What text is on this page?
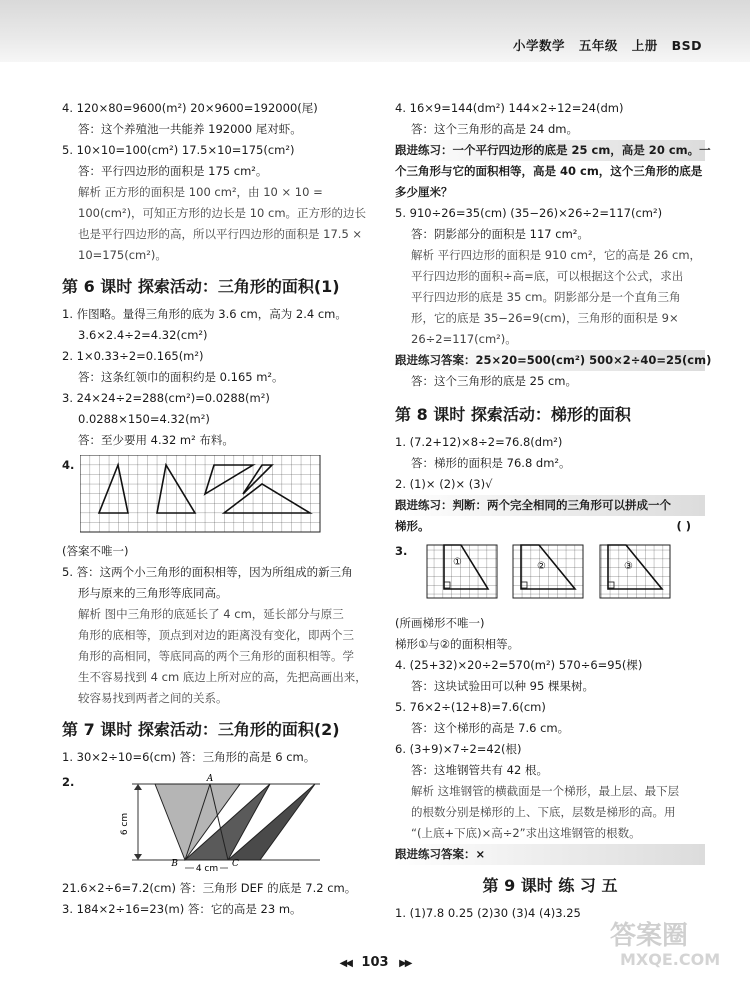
小学数学 五年级 上册 BSD
4. 120×80=9600(m²) 20×9600=192000(尾)
答：这个养殖池一共能养 192000 尾对虾。
5. 10×10=100(cm²) 17.5×10=175(cm²)
答：平行四边形的面积是 175 cm²。
解析 正方形的面积是 100 cm²，由 10 × 10 =
100(cm²)，可知正方形的边长是 10 cm。正方形的边长
也是平行四边形的高，所以平行四边形的面积是 17.5 ×
10=175(cm²)。
第 6 课时 探索活动：三角形的面积(1)
1. 作图略。量得三角形的底为 3.6 cm，高为 2.4 cm。
3.6×2.4÷2=4.32(cm²)
2. 1×0.33÷2=0.165(m²)
答：这条红领巾的面积约是 0.165 m²。
3. 24×24÷2=288(cm²)=0.0288(m²)
0.0288×150=4.32(m²)
答：至少要用 4.32 m² 布料。
4.
(答案不唯一)
5. 答：这两个小三角形的面积相等，因为所组成的新三角
形与原来的三角形等底同高。
解析 图中三角形的底延长了 4 cm，延长部分与原三
角形的底相等，顶点到对边的距离没有变化，即两个三
角形的高相同，等底同高的两个三角形的面积相等。学
生不容易找到 4 cm 底边上所对应的高，先把高画出来，
较容易找到两者之间的关系。
第 7 课时 探索活动：三角形的面积(2)
1. 30×2÷10=6(cm) 答：三角形的高是 6 cm。
2.	A
B	C
6 cm
4 cm
21.6×2÷6=7.2(cm) 答：三角形 DEF 的底是 7.2 cm。
3. 184×2÷16=23(m) 答：它的高是 23 m。
4. 16×9=144(dm²) 144×2÷12=24(dm)
答：这个三角形的高是 24 dm。
跟进练习：一个平行四边形的底是 25 cm，高是 20 cm。一
个三角形与它的面积相等，高是 40 cm，这个三角形的底是
多少厘米？
5. 910÷26=35(cm) (35−26)×26÷2=117(cm²)
答：阴影部分的面积是 117 cm²。
解析 平行四边形的面积是 910 cm²，它的高是 26 cm，
平行四边形的面积÷高=底，可以根据这个公式，求出
平行四边形的底是 35 cm。阴影部分是一个直角三角
形，它的底是 35−26=9(cm)，三角形的面积是 9×
26÷2=117(cm²)。
跟进练习答案：25×20=500(cm²) 500×2÷40=25(cm)
答：这个三角形的底是 25 cm。
第 8 课时 探索活动：梯形的面积
1. (7.2+12)×8÷2=76.8(dm²)
答：梯形的面积是 76.8 dm²。
2. (1)× (2)× (3)√
跟进练习：判断：两个完全相同的三角形可以拼成一个
梯形。	( )
3.
①	②	③
(所画梯形不唯一)
梯形①与②的面积相等。
4. (25+32)×20÷2=570(m²) 570÷6=95(棵)
答：这块试验田可以种 95 棵果树。
5. 76×2÷(12+8)=7.6(cm)
答：这个梯形的高是 7.6 cm。
6. (3+9)×7÷2=42(根)
答：这堆钢管共有 42 根。
解析 这堆钢管的横截面是一个梯形，最上层、最下层
的根数分别是梯形的上、下底，层数是梯形的高。用
“(上底+下底)×高÷2”求出这堆钢管的根数。
跟进练习答案：×
第 9 课时 练 习 五
1. (1)7.8 0.25 (2)30 (3)4 (4)3.25
◀◀ 103 ▶▶
答案圈
MXQE.COM
